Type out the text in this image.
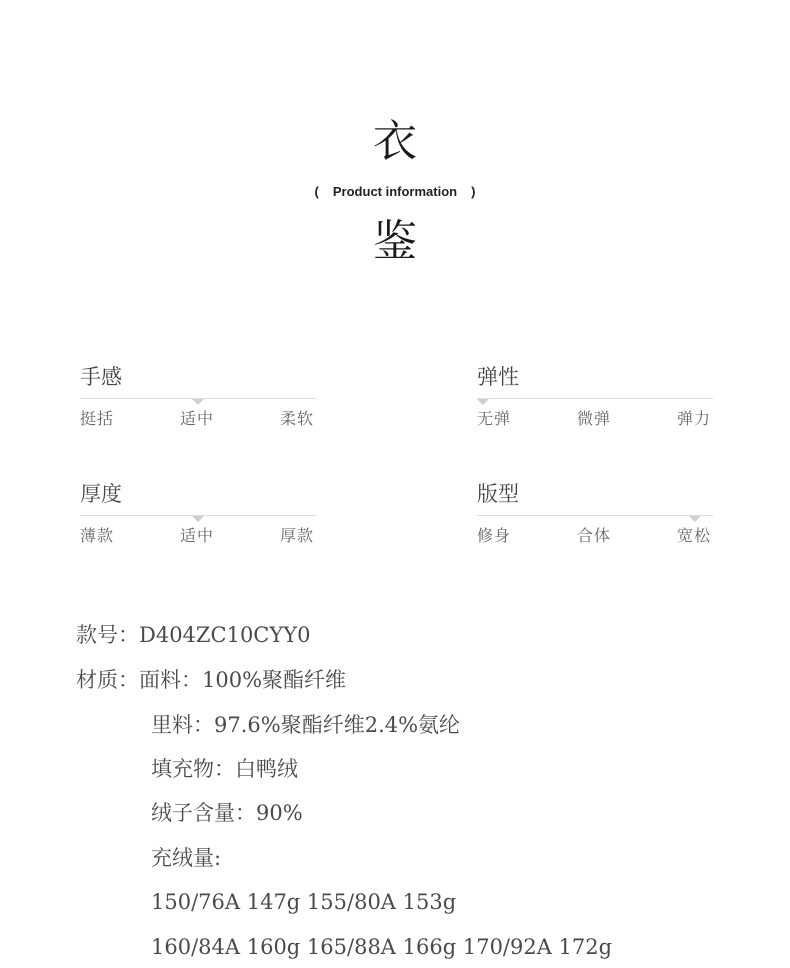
衣
( Product information )
鉴
手感
挺括	适中	柔软
弹性
无弹	微弹	弹力
厚度
薄款	适中	厚款
版型
修身	合体	宽松
款号：D404ZC10CYY0
材质：面料：100%聚酯纤维
里料：97.6%聚酯纤维2.4%氨纶
填充物：白鸭绒
绒子含量：90%
充绒量:
150/76A 147g 155/80A 153g
160/84A 160g 165/88A 166g 170/92A 172g
